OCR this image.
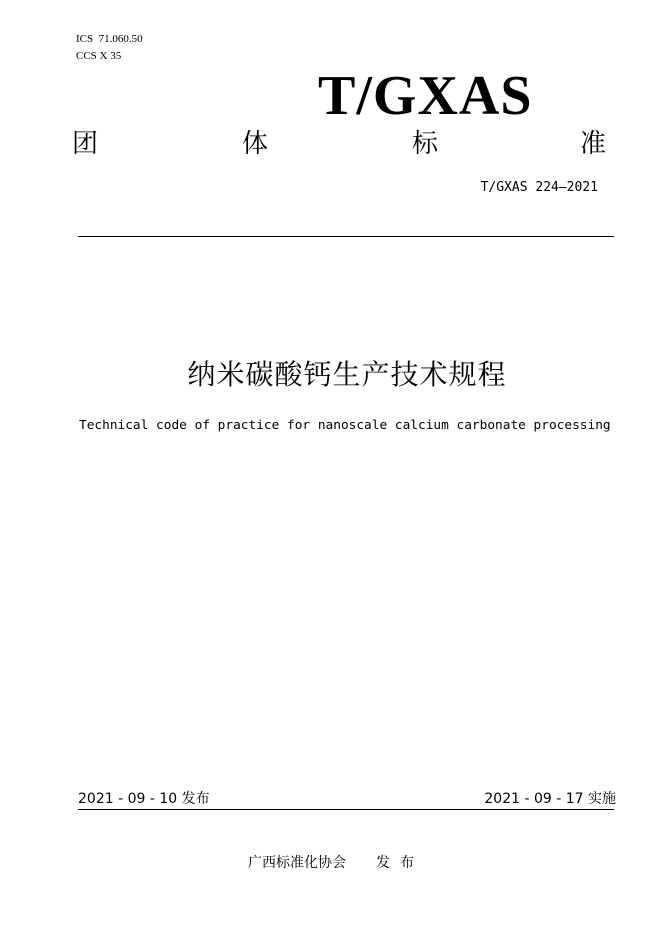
ICS  71.060.50
CCS X 35
T/GXAS
团	体	标	准
T/GXAS 224—2021
纳米碳酸钙生产技术规程
Technical code of practice for nanoscale calcium carbonate processing
2021 - 09 - 10 发布	2021 - 09 - 17 实施
广西标准化协会 发布
